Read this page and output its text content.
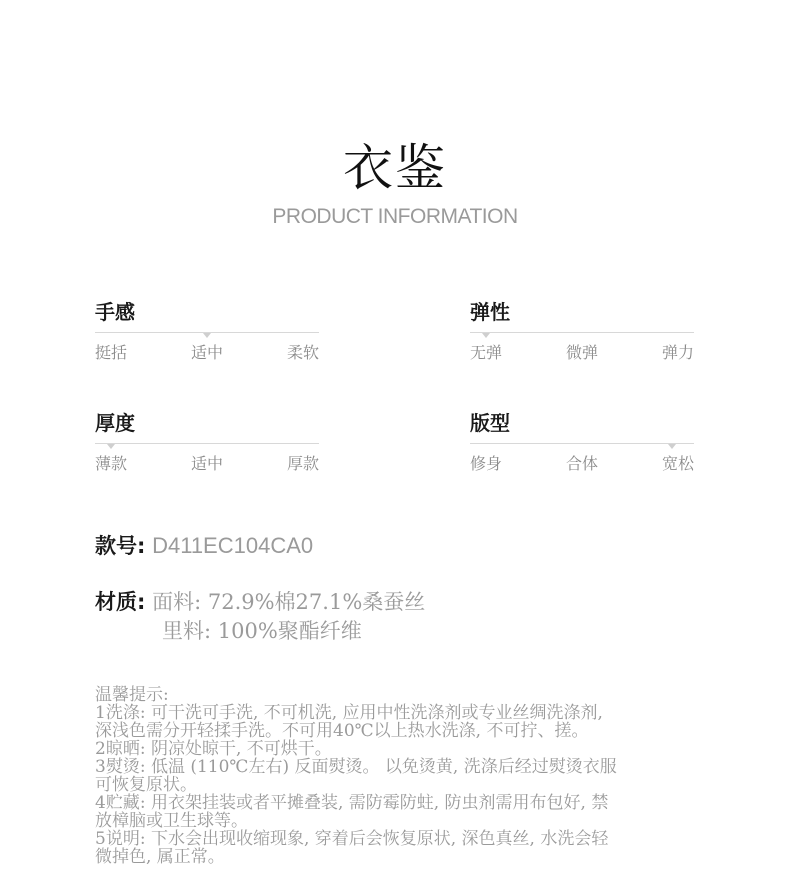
衣鉴
PRODUCT INFORMATION
手感
挺括	适中	柔软
弹性
无弹	微弹	弹力
厚度
薄款	适中	厚款
版型
修身	合体	宽松
款号: D411EC104CA0
材质: 面料: 72.9%棉27.1%桑蚕丝
里料: 100%聚酯纤维
温馨提示:
1洗涤: 可干洗可手洗, 不可机洗, 应用中性洗涤剂或专业丝绸洗涤剂,
深浅色需分开轻揉手洗。不可用40℃以上热水洗涤, 不可拧、搓。
2晾晒: 阴凉处晾干, 不可烘干。
3熨烫: 低温 (110℃左右) 反面熨烫。 以免烫黄, 洗涤后经过熨烫衣服
可恢复原状。
4贮藏: 用衣架挂装或者平摊叠装, 需防霉防蛀, 防虫剂需用布包好, 禁
放樟脑或卫生球等。
5说明: 下水会出现收缩现象, 穿着后会恢复原状, 深色真丝, 水洗会轻
微掉色, 属正常。
